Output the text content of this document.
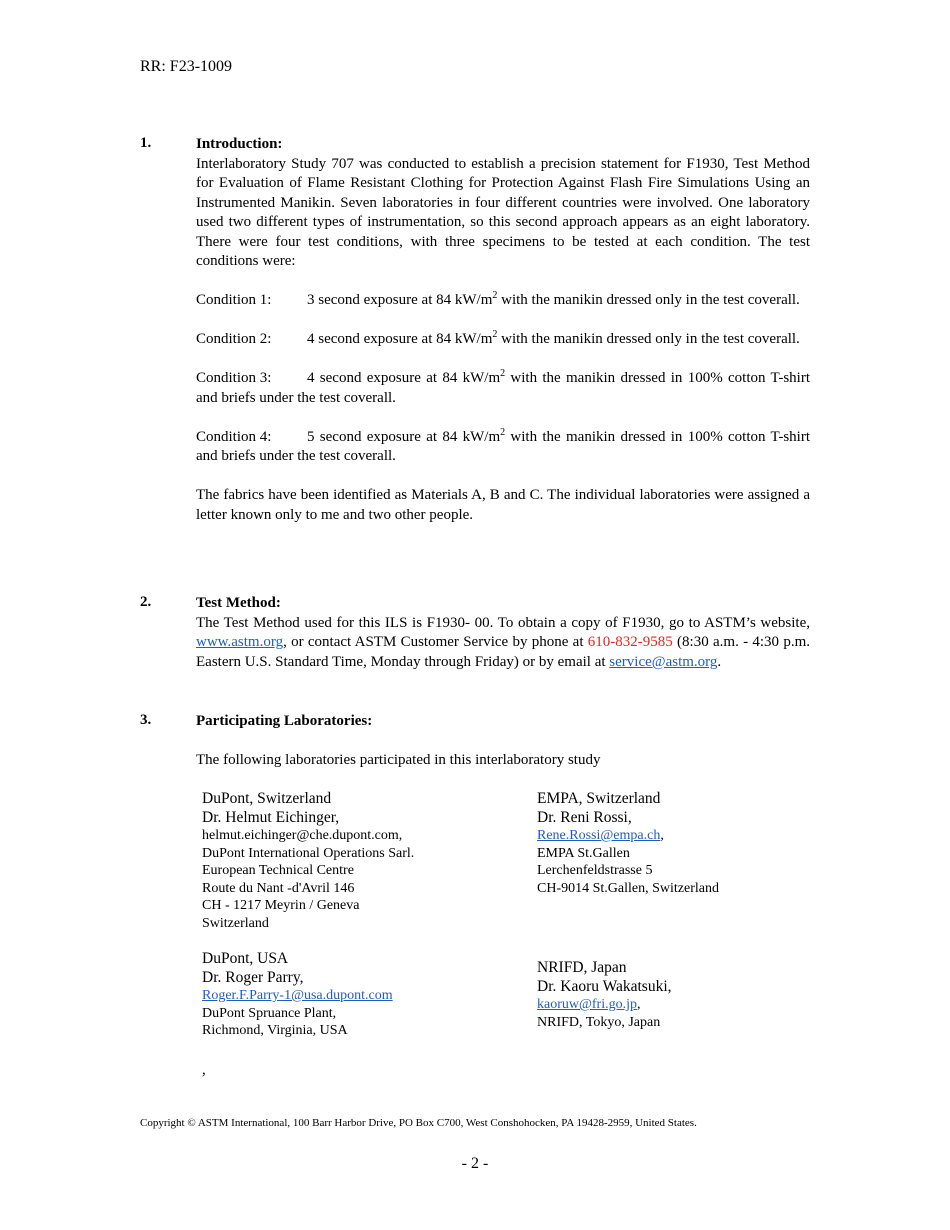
RR: F23-1009
1.	Introduction:
Interlaboratory Study 707 was conducted to establish a precision statement for F1930, Test Method for Evaluation of Flame Resistant Clothing for Protection Against Flash Fire Simulations Using an Instrumented Manikin. Seven laboratories in four different countries were involved. One laboratory used two different types of instrumentation, so this second approach appears as an eight laboratory. There were four test conditions, with three specimens to be tested at each condition. The test conditions were:
Condition 1: 3 second exposure at 84 $kW/m^2$ with the manikin dressed only in the test coverall.
Condition 2: 4 second exposure at 84 $kW/m^2$ with the manikin dressed only in the test coverall.
Condition 3: 4 second exposure at 84 $kW/m^2$ with the manikin dressed in 100% cotton T-shirt and briefs under the test coverall.
Condition 4: 5 second exposure at 84 $kW/m^2$ with the manikin dressed in 100% cotton T-shirt and briefs under the test coverall.
The fabrics have been identified as Materials A, B and C. The individual laboratories were assigned a letter known only to me and two other people.
2.	Test Method:
The Test Method used for this ILS is F1930- 00. To obtain a copy of F1930, go to ASTM’s website, www.astm.org, or contact ASTM Customer Service by phone at 610-832-9585 (8:30 a.m. - 4:30 p.m. Eastern U.S. Standard Time, Monday through Friday) or by email at service@astm.org.
3.	Participating Laboratories:
The following laboratories participated in this interlaboratory study
DuPont, Switzerland
Dr. Helmut Eichinger,
helmut.eichinger@che.dupont.com,
DuPont International Operations Sarl.
European Technical Centre
Route du Nant -d'Avril 146
CH - 1217 Meyrin / Geneva
Switzerland
EMPA, Switzerland
Dr. Reni Rossi,
Rene.Rossi@empa.ch,
EMPA St.Gallen
Lerchenfeldstrasse 5
CH-9014 St.Gallen, Switzerland
DuPont, USA
Dr. Roger Parry,
Roger.F.Parry-1@usa.dupont.com
DuPont Spruance Plant,
Richmond, Virginia, USA
NRIFD, Japan
Dr. Kaoru Wakatsuki,
kaoruw@fri.go.jp,
NRIFD, Tokyo, Japan
,
Copyright © ASTM International, 100 Barr Harbor Drive, PO Box C700, West Conshohocken, PA 19428-2959, United States.
- 2 -
